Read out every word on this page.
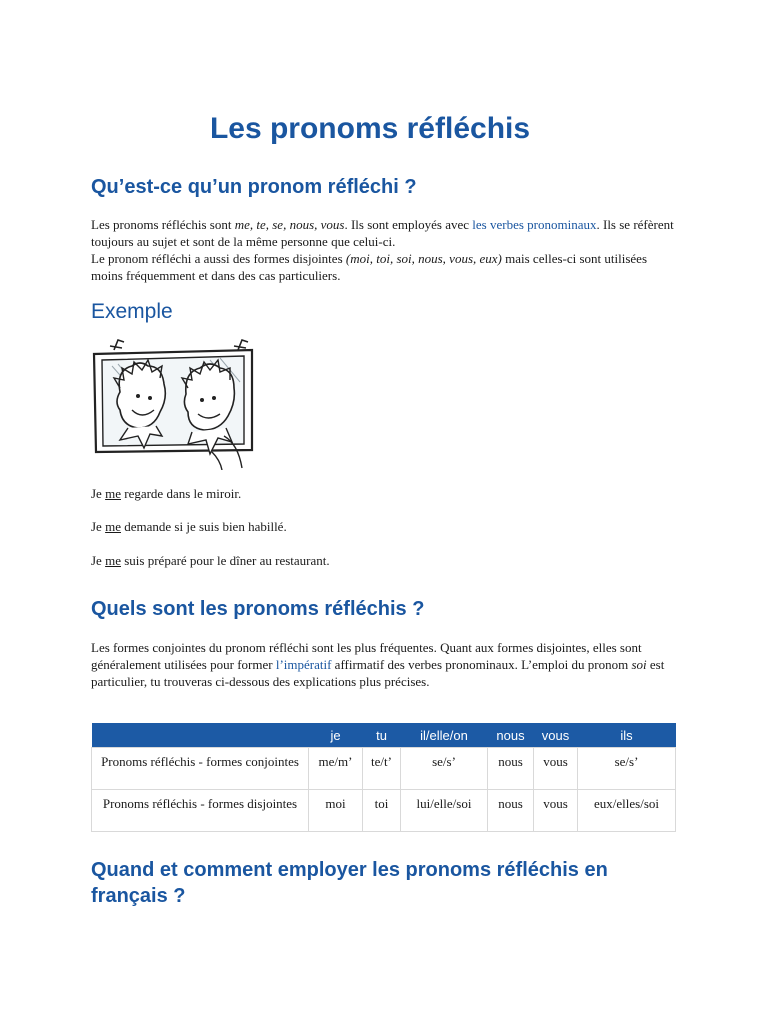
Les pronoms réfléchis
Qu’est-ce qu’un pronom réfléchi ?

Les pronoms réfléchis sont me, te, se, nous, vous. Ils sont employés avec les verbes pronominaux. Ils se réfèrent toujours au sujet et sont de la même personne que celui-ci.
Le pronom réfléchi a aussi des formes disjointes (moi, toi, soi, nous, vous, eux) mais celles-ci sont utilisées moins fréquemment et dans des cas particuliers.

Exemple

Je me regarde dans le miroir.

Je me demande si je suis bien habillé.

Je me suis préparé pour le dîner au restaurant.

Quels sont les pronoms réfléchis ?

Les formes conjointes du pronom réfléchi sont les plus fréquentes. Quant aux formes disjointes, elles sont généralement utilisées pour former l’impératif affirmatif des verbes pronominaux. L’emploi du pronom soi est particulier, tu trouveras ci-dessous des explications plus précises.

	je	tu	il/elle/on	nous	vous	ils
Pronoms réfléchis - formes conjointes	me/m’	te/t’	se/s’	nous	vous	se/s’
Pronoms réfléchis - formes disjointes	moi	toi	lui/elle/soi	nous	vous	eux/elles/soi
Quand et comment employer les pronoms réfléchis en français ?
